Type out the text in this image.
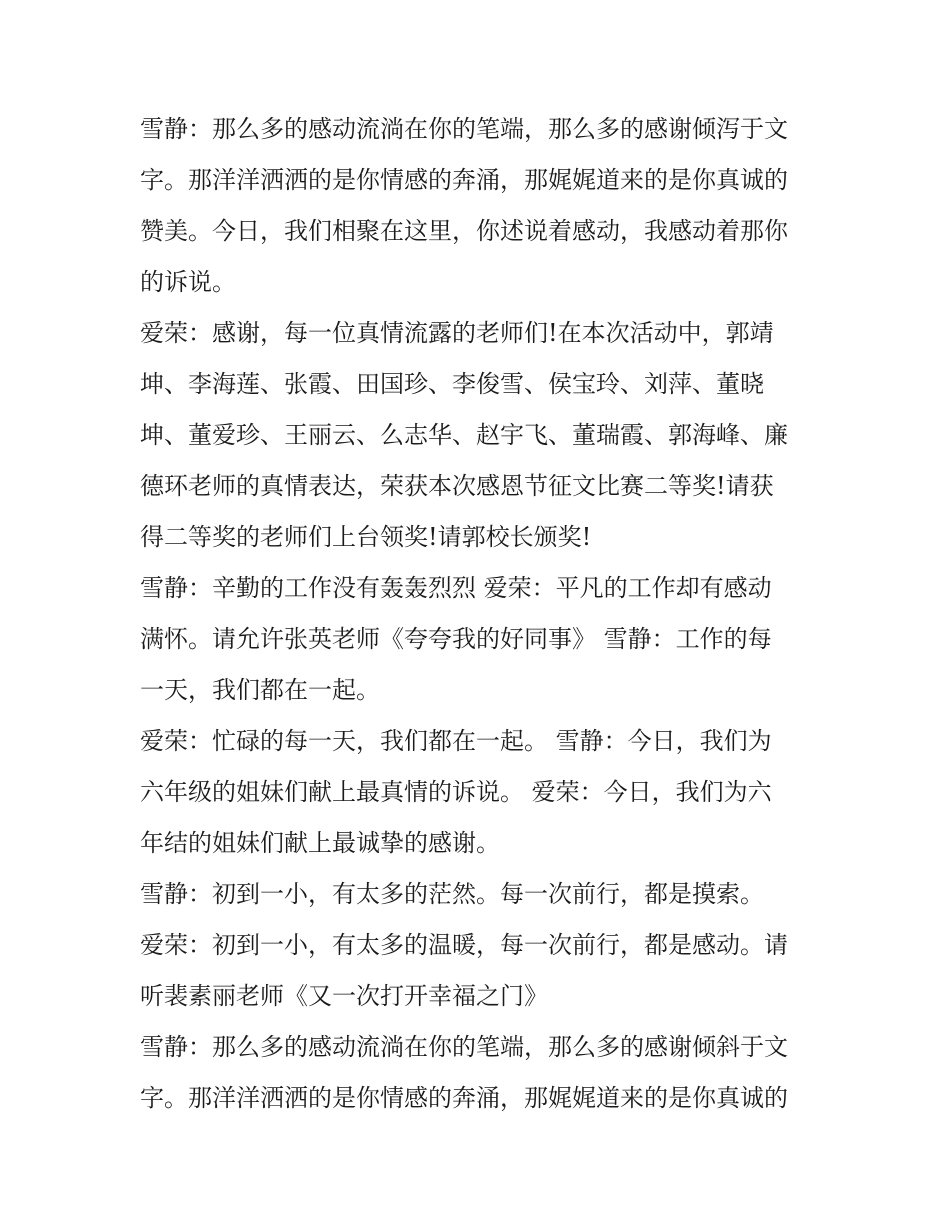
雪静：那么多的感动流淌在你的笔端，那么多的感谢倾泻于文
字。那洋洋洒洒的是你情感的奔涌，那娓娓道来的是你真诚的
赞美。今日，我们相聚在这里，你述说着感动，我感动着那你
的诉说。
爱荣：感谢，每一位真情流露的老师们!在本次活动中，郭靖
坤、李海莲、张霞、田国珍、李俊雪、侯宝玲、刘萍、董晓
坤、董爱珍、王丽云、么志华、赵宇飞、董瑞霞、郭海峰、廉
德环老师的真情表达，荣获本次感恩节征文比赛二等奖!请获
得二等奖的老师们上台领奖!请郭校长颁奖!
雪静：辛勤的工作没有轰轰烈烈 爱荣：平凡的工作却有感动
满怀。请允许张英老师《夸夸我的好同事》 雪静：工作的每
一天，我们都在一起。
爱荣：忙碌的每一天，我们都在一起。 雪静：今日，我们为
六年级的姐妹们献上最真情的诉说。 爱荣：今日，我们为六
年结的姐妹们献上最诚挚的感谢。
雪静：初到一小，有太多的茫然。每一次前行，都是摸索。
爱荣：初到一小，有太多的温暖，每一次前行，都是感动。请
听裴素丽老师《又一次打开幸福之门》
雪静：那么多的感动流淌在你的笔端，那么多的感谢倾斜于文
字。那洋洋洒洒的是你情感的奔涌，那娓娓道来的是你真诚的
